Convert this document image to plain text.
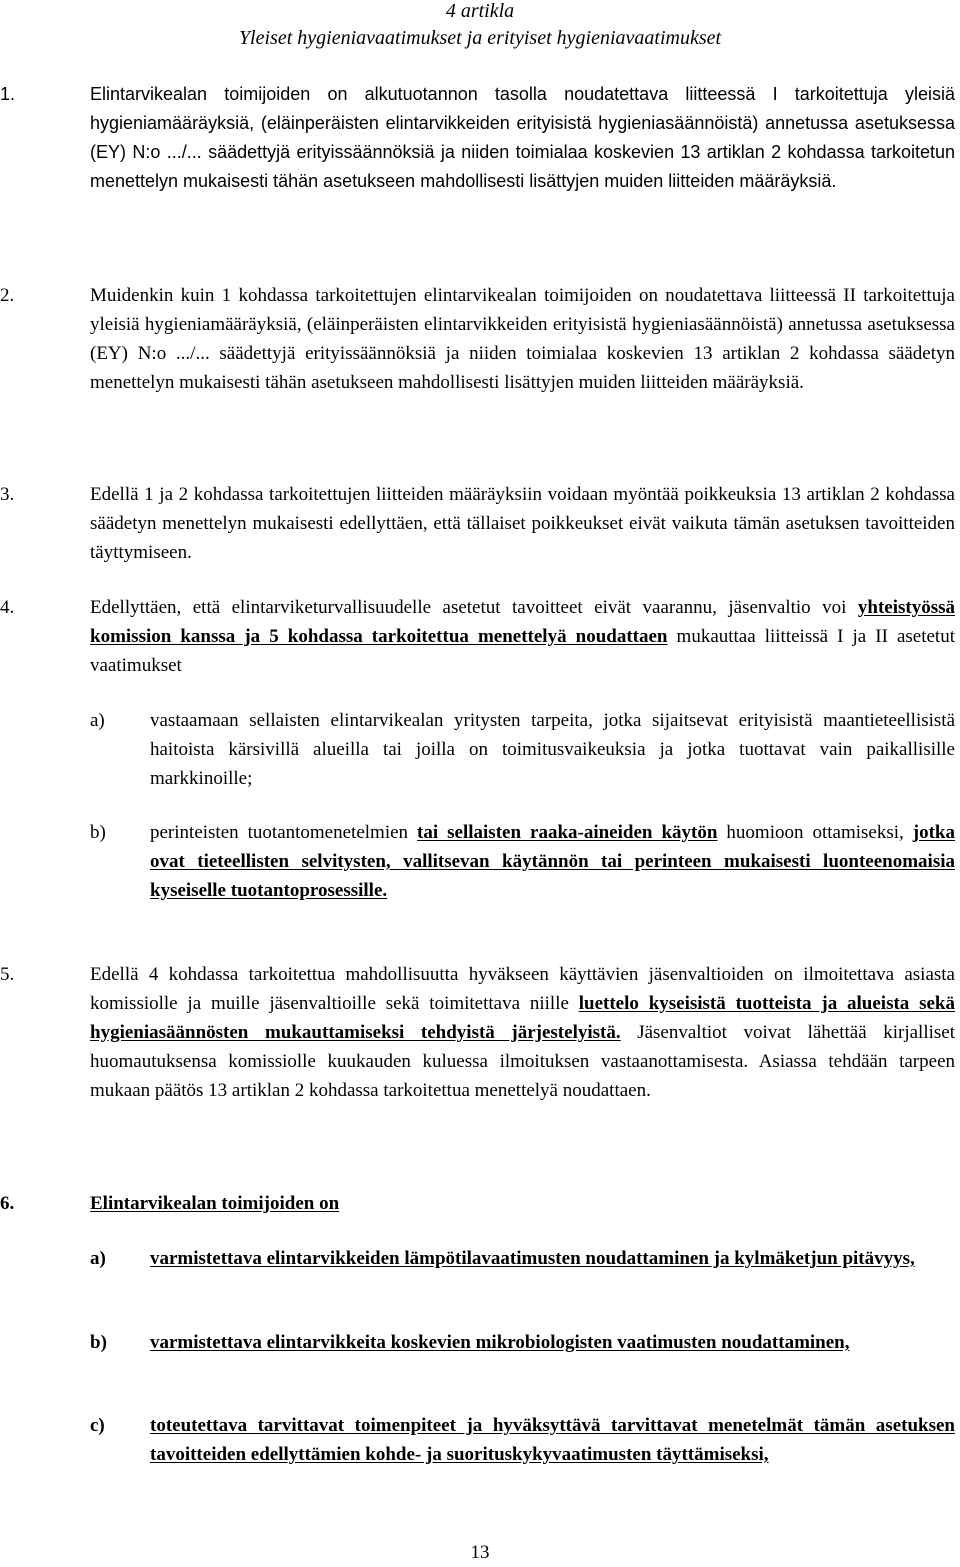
4 artikla
Yleiset hygieniavaatimukset ja erityiset hygieniavaatimukset
1.	Elintarvikealan toimijoiden on alkutuotannon tasolla noudatettava liitteessä I tarkoitettuja yleisiä hygieniamääräyksiä, (eläinperäisten elintarvikkeiden erityisistä hygieniasäännöistä) annetussa asetuksessa (EY) N:o .../... säädettyjä erityissäännöksiä ja niiden toimialaa koskevien 13 artiklan 2 kohdassa tarkoitetun menettelyn mukaisesti tähän asetukseen mahdollisesti lisättyjen muiden liitteiden määräyksiä.
2.	Muidenkin kuin 1 kohdassa tarkoitettujen elintarvikealan toimijoiden on noudatettava liitteessä II tarkoitettuja yleisiä hygieniamääräyksiä, (eläinperäisten elintarvikkeiden erityisistä hygieniasäännöistä) annetussa asetuksessa (EY) N:o .../... säädettyjä erityissäännöksiä ja niiden toimialaa koskevien 13 artiklan 2 kohdassa säädetyn menettelyn mukaisesti tähän asetukseen mahdollisesti lisättyjen muiden liitteiden määräyksiä.
3.	Edellä 1 ja 2 kohdassa tarkoitettujen liitteiden määräyksiin voidaan myöntää poikkeuksia 13 artiklan 2 kohdassa säädetyn menettelyn mukaisesti edellyttäen, että tällaiset poikkeukset eivät vaikuta tämän asetuksen tavoitteiden täyttymiseen.
4.	Edellyttäen, että elintarviketurvallisuudelle asetetut tavoitteet eivät vaarannu, jäsenvaltio voi yhteistyössä komission kanssa ja 5 kohdassa tarkoitettua menettelyä noudattaen mukauttaa liitteissä I ja II asetetut vaatimukset
a) vastaamaan sellaisten elintarvikealan yritysten tarpeita, jotka sijaitsevat erityisistä maantieteellisistä haitoista kärsivillä alueilla tai joilla on toimitusvaikeuksia ja jotka tuottavat vain paikallisille markkinoille;
b) perinteisten tuotantomenetelmien tai sellaisten raaka-aineiden käytön huomioon ottamiseksi, jotka ovat tieteellisten selvitysten, vallitsevan käytännön tai perinteen mukaisesti luonteenomaisia kyseiselle tuotantoprosessille.
5.	Edellä 4 kohdassa tarkoitettua mahdollisuutta hyväkseen käyttävien jäsenvaltioiden on ilmoitettava asiasta komissiolle ja muille jäsenvaltioille sekä toimitettava niille luettelo kyseisistä tuotteista ja alueista sekä hygieniasäännösten mukauttamiseksi tehdyistä järjestelyistä. Jäsenvaltiot voivat lähettää kirjalliset huomautuksensa komissiolle kuukauden kuluessa ilmoituksen vastaanottamisesta. Asiassa tehdään tarpeen mukaan päätös 13 artiklan 2 kohdassa tarkoitettua menettelyä noudattaen.
6.	Elintarvikealan toimijoiden on
a) varmistettava elintarvikkeiden lämpötilavaatimusten noudattaminen ja kylmäketjun pitävyys,
b) varmistettava elintarvikkeita koskevien mikrobiologisten vaatimusten noudattaminen,
c) toteutettava tarvittavat toimenpiteet ja hyväksyttävä tarvittavat menetelmät tämän asetuksen tavoitteiden edellyttämien kohde- ja suorituskykyvaatimusten täyttämiseksi,
13
